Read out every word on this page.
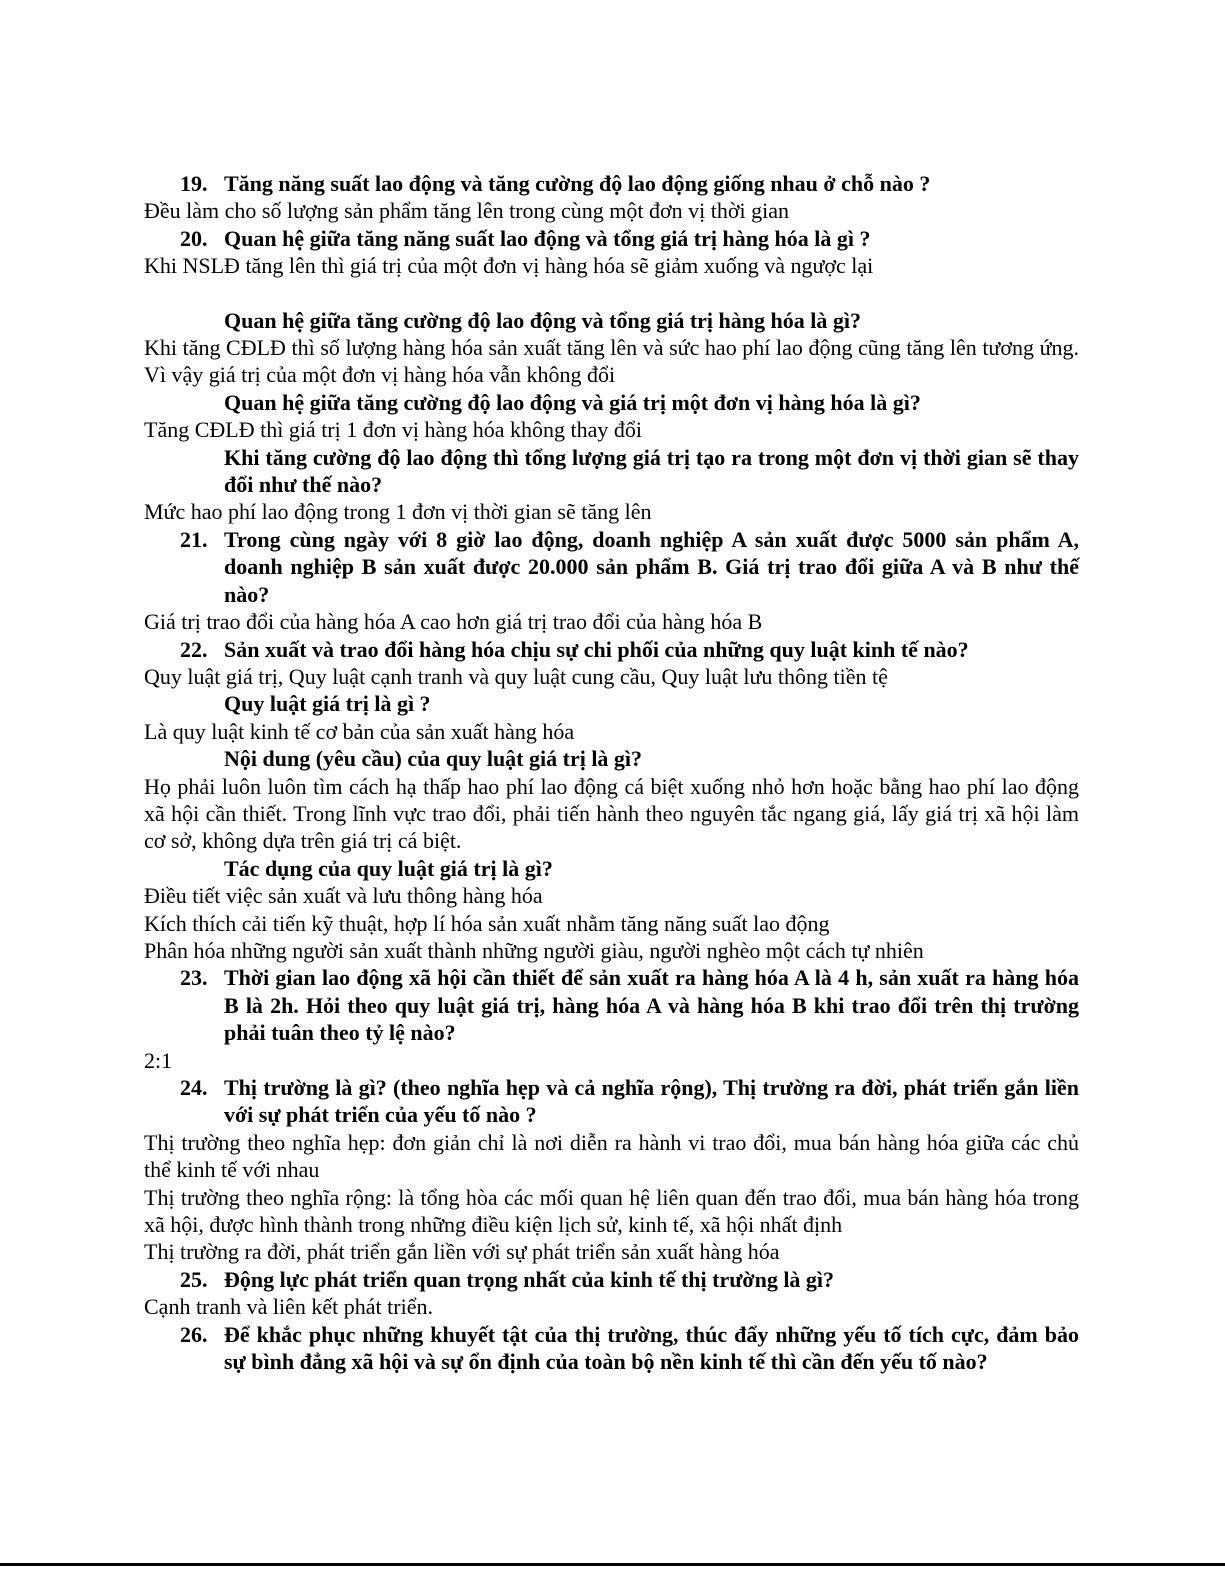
19. Tăng năng suất lao động và tăng cường độ lao động giống nhau ở chỗ nào ?
Đều làm cho số lượng sản phẩm tăng lên trong cùng một đơn vị thời gian
20. Quan hệ giữa tăng năng suất lao động và tổng giá trị hàng hóa là gì ?
Khi NSLĐ tăng lên thì giá trị của một đơn vị hàng hóa sẽ giảm xuống và ngược lại
Quan hệ giữa tăng cường độ lao động và tổng giá trị hàng hóa là gì?
Khi tăng CĐLĐ thì số lượng hàng hóa sản xuất tăng lên và sức hao phí lao động cũng tăng lên tương ứng. Vì vậy giá trị của một đơn vị hàng hóa vẫn không đổi
Quan hệ giữa tăng cường độ lao động và giá trị một đơn vị hàng hóa là gì?
Tăng CĐLĐ thì giá trị 1 đơn vị hàng hóa không thay đổi
Khi tăng cường độ lao động thì tổng lượng giá trị tạo ra trong một đơn vị thời gian sẽ thay đổi như thế nào?
Mức hao phí lao động trong 1 đơn vị thời gian sẽ tăng lên
21. Trong cùng ngày với 8 giờ lao động, doanh nghiệp A sản xuất được 5000 sản phẩm A, doanh nghiệp B sản xuất được 20.000 sản phẩm B. Giá trị trao đổi giữa A và B như thế nào?
Giá trị trao đổi của hàng hóa A cao hơn giá trị trao đổi của hàng hóa B
22. Sản xuất và trao đổi hàng hóa chịu sự chi phối của những quy luật kinh tế nào?
Quy luật giá trị, Quy luật cạnh tranh và quy luật cung cầu, Quy luật lưu thông tiền tệ
Quy luật giá trị là gì ?
Là quy luật kinh tế cơ bản của sản xuất hàng hóa
Nội dung (yêu cầu) của quy luật giá trị là gì?
Họ phải luôn luôn tìm cách hạ thấp hao phí lao động cá biệt xuống nhỏ hơn hoặc bằng hao phí lao động xã hội cần thiết. Trong lĩnh vực trao đổi, phải tiến hành theo nguyên tắc ngang giá, lấy giá trị xã hội làm cơ sở, không dựa trên giá trị cá biệt.
Tác dụng của quy luật giá trị là gì?
Điều tiết việc sản xuất và lưu thông hàng hóa
Kích thích cải tiến kỹ thuật, hợp lí hóa sản xuất nhằm tăng năng suất lao động
Phân hóa những người sản xuất thành những người giàu, người nghèo một cách tự nhiên
23. Thời gian lao động xã hội cần thiết để sản xuất ra hàng hóa A là 4 h, sản xuất ra hàng hóa B là 2h. Hỏi theo quy luật giá trị, hàng hóa A và hàng hóa B khi trao đổi trên thị trường phải tuân theo tỷ lệ nào?
2:1
24. Thị trường là gì? (theo nghĩa hẹp và cả nghĩa rộng), Thị trường ra đời, phát triển gắn liền với sự phát triển của yếu tố nào ?
Thị trường theo nghĩa hẹp: đơn giản chỉ là nơi diễn ra hành vi trao đổi, mua bán hàng hóa giữa các chủ thể kinh tế với nhau
Thị trường theo nghĩa rộng: là tổng hòa các mối quan hệ liên quan đến trao đổi, mua bán hàng hóa trong xã hội, được hình thành trong những điều kiện lịch sử, kinh tế, xã hội nhất định
Thị trường ra đời, phát triển gắn liền với sự phát triển sản xuất hàng hóa
25. Động lực phát triển quan trọng nhất của kinh tế thị trường là gì?
Cạnh tranh và liên kết phát triển.
26. Để khắc phục những khuyết tật của thị trường, thúc đẩy những yếu tố tích cực, đảm bảo sự bình đẳng xã hội và sự ổn định của toàn bộ nền kinh tế thì cần đến yếu tố nào?
